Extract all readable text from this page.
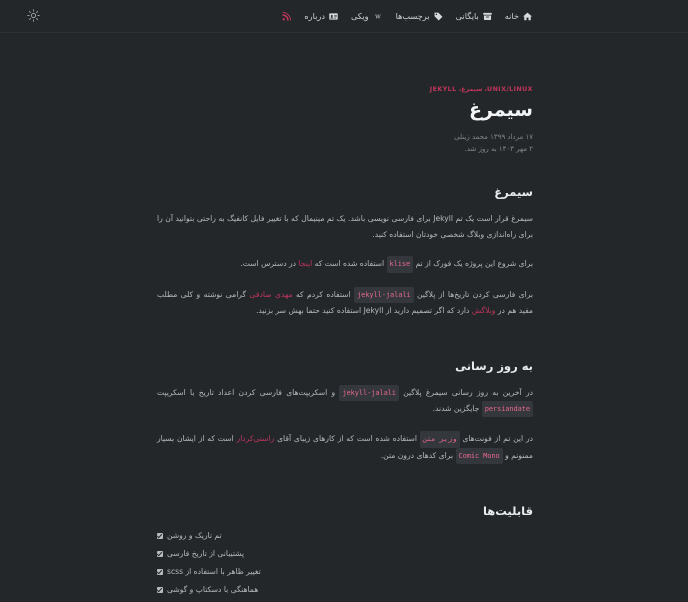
خانه
بایگانی
برچسب‌ها
W
ویکی
درباره
UNIX/LINUX، سیمرغ، JEKYLL
سیمرغ
۱۷ مرداد ۱۳۹۹ محمد زینلی
۲ مهر ۱۴۰۳ به روز شد.
سیمرغ

سیمرغ قرار است یک تم Jekyll برای فارسی نویسی باشد. یک تم مینیمال که با تغییر فایل کانفیگ به راحتی بتوانید آن را برای راه‌اندازی وبلاگ شخصی خودتان استفاده کنید.

برای شروع این پروژه یک فورک از تم klise استفاده شده است که اینجا در دسترس است.

برای فارسی کردن تاریخ‌ها از پلاگین jekyll-jalali استفاده کردم که مهدی صادقی گرامی نوشته و کلی مطلب مفید هم در وبلاگش دارد که اگر تصمیم دارید از Jekyll استفاده کنید حتما بهش سر بزنید.

به روز رسانی

در آخرین به روز رسانی سیمرغ پلاگین jekyll-jalali و اسکریپت‌های فارسی کردن اعداد تاریخ با اسکریپت persiandate جایگزین شدند.

در این تم از فونت‌های وزیر متن استفاده شده است که از کارهای زیبای آقای راستی‌کردار است که از ایشان بسیار ممنونم و Comic Mono برای کدهای درون متن.

قابلیت‌ها
تم تاریک و روشن
پشتیبانی از تاریخ فارسی
تغییر ظاهر با استفاده از scss
هماهنگی با دسکتاپ و گوشی
